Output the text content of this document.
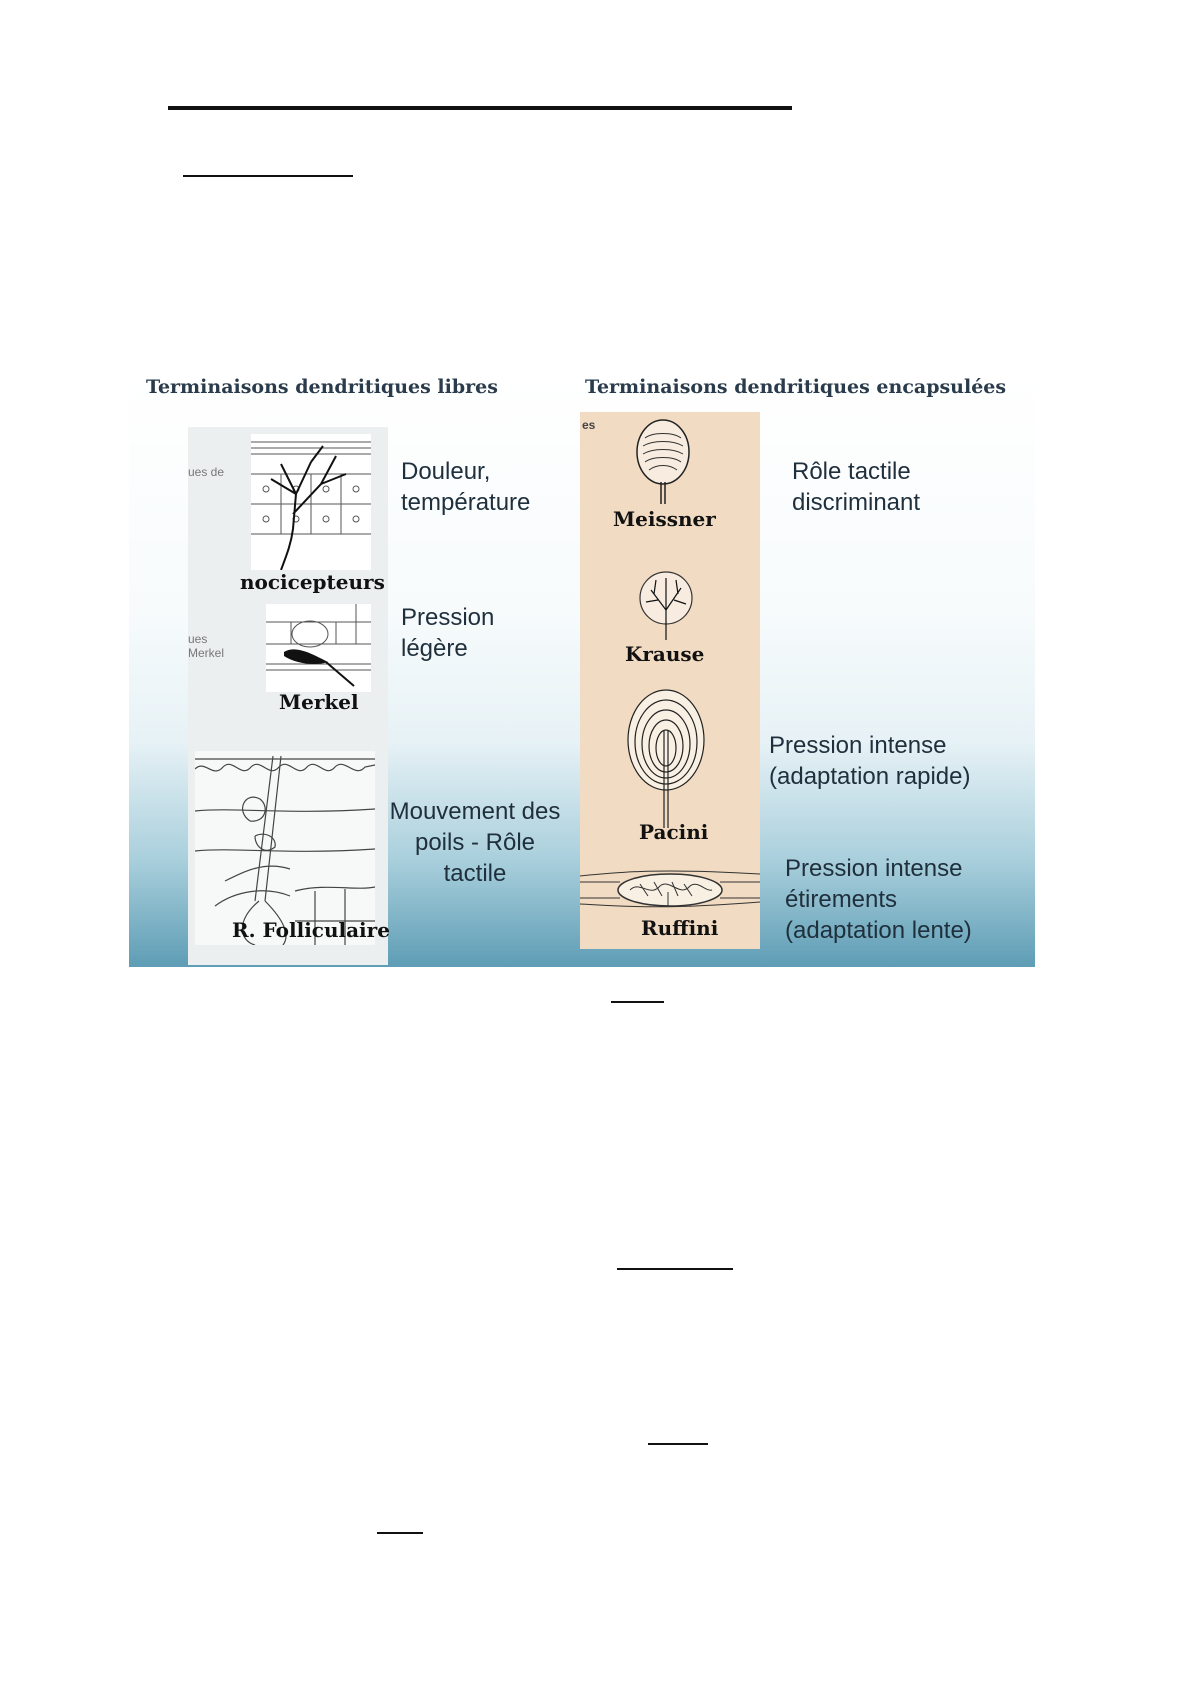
Terminaisons dendritiques libres	Terminaisons dendritiques encapsulées
ues de
ues
Merkel
es
nocicepteurs
Merkel
R. Folliculaire
Meissner
Krause
Pacini
Ruffini
Douleur,
température
Pression
légère
Mouvement des
poils - Rôle
tactile
Rôle tactile
discriminant
Pression intense
(adaptation rapide)
Pression intense
étirements
(adaptation lente)
